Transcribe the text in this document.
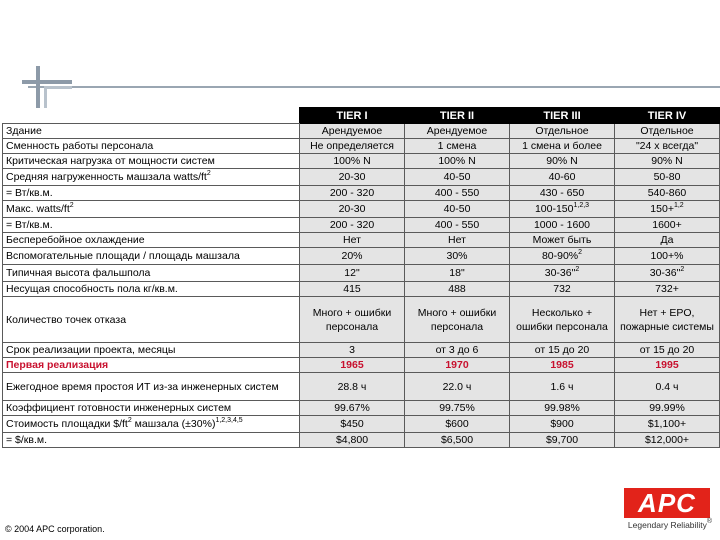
	TIER I	TIER II	TIER III	TIER IV
Здание	Арендуемое	Арендуемое	Отдельное	Отдельное
Сменность работы персонала	Не определяется	1 смена	1 смена и более	"24 x всегда"
Критическая нагрузка от мощности систем	100% N	100% N	90% N	90% N
Средняя нагруженность машзала watts/$ft^2$	20-30	40-50	40-60	50-80
= Вт/кв.м.	200 - 320	400 - 550	430 - 650	540-860
Макс. watts/$ft^2$	20-30	40-50	100-150$^{1,2,3}$	150+$^{1,2}$
= Вт/кв.м.	200 - 320	400 - 550	1000 - 1600	1600+
Бесперебойное охлаждение	Нет	Нет	Может быть	Да
Вспомогательные площади / площадь машзала	20%	30%	80-90%$^2$	100+%
Типичная высота фальшпола	12"	18"	30-36"$^2$	30-36"$^2$
Несущая способность пола кг/кв.м.	415	488	732	732+
Количество точек отказа	Много + ошибки персонала	Много + ошибки персонала	Несколько + ошибки персонала	Нет + EPO, пожарные системы
Срок реализации проекта, месяцы	3	от 3 до 6	от 15 до 20	от 15 до 20
Первая реализация	1965	1970	1985	1995
Ежегодное время простоя ИТ из-за инженерных систем	28.8 ч	22.0 ч	1.6 ч	0.4 ч
Коэффициент готовности инженерных систем	99.67%	99.75%	99.98%	99.99%
Стоимость площадки $\$/ft^2$ машзала $(\pm 30\%)^{1,2,3,4,5}$	$450	$600	$900	$1,100+
= $/кв.м.	$4,800	$6,500	$9,700	$12,000+
© 2004 APC corporation.
APC
Legendary Reliability®
